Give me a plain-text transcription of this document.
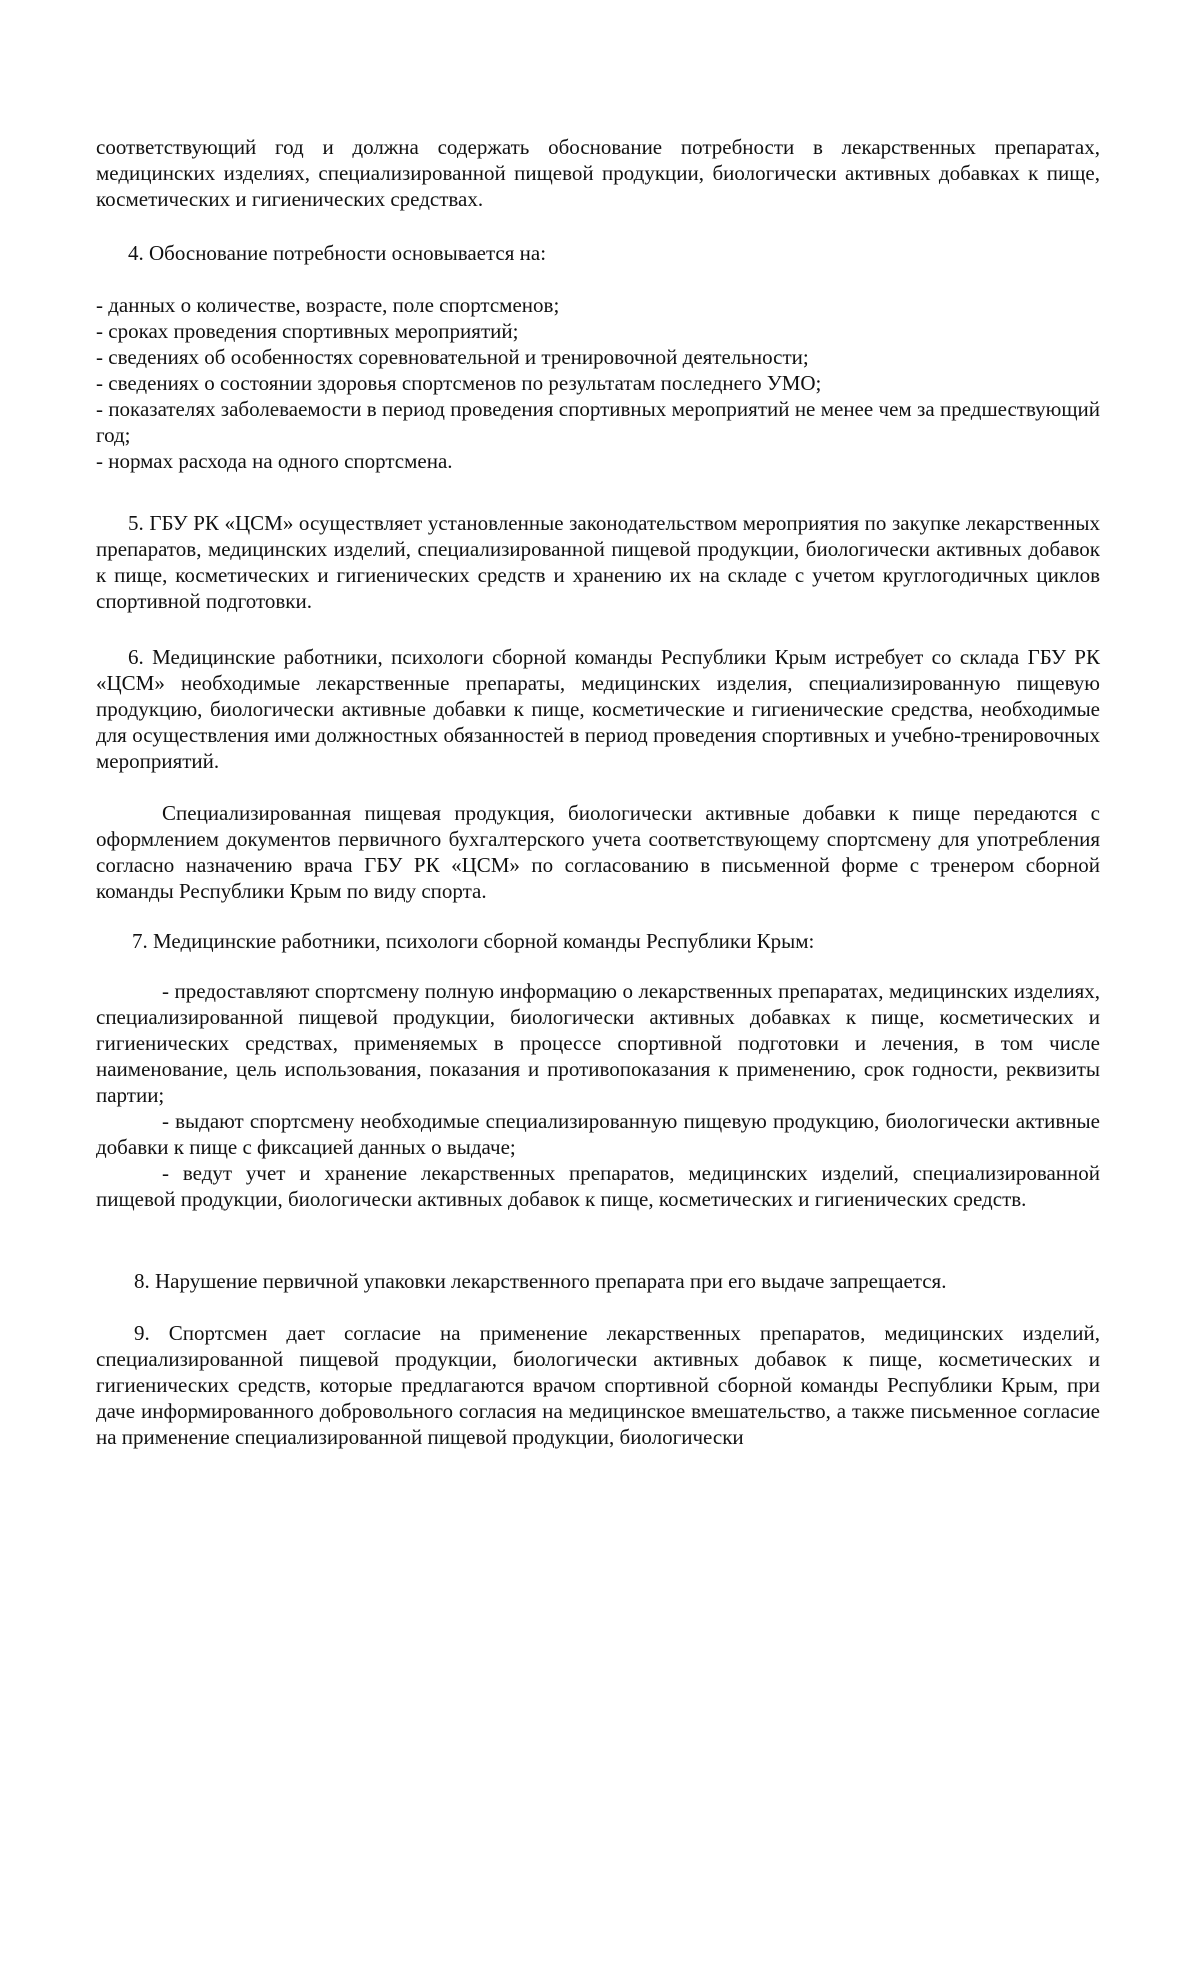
соответствующий год и должна содержать обоснование потребности в лекарственных препаратах, медицинских изделиях, специализированной пищевой продукции, биологически активных добавках к пище, косметических и гигиенических средствах.

4. Обоснование потребности основывается на:

- данных о количестве, возрасте, поле спортсменов;

- сроках проведения спортивных мероприятий;

- сведениях об особенностях соревновательной и тренировочной деятельности;

- сведениях о состоянии здоровья спортсменов по результатам последнего УМО;

- показателях заболеваемости в период проведения спортивных мероприятий не менее чем за предшествующий год;

- нормах расхода на одного спортсмена.

5. ГБУ РК «ЦСМ» осуществляет установленные законодательством мероприятия по закупке лекарственных препаратов, медицинских изделий, специализированной пищевой продукции, биологически активных добавок к пище, косметических и гигиенических средств и хранению их на складе с учетом круглогодичных циклов спортивной подготовки.

6. Медицинские работники, психологи сборной команды Республики Крым истребует со склада ГБУ РК «ЦСМ» необходимые лекарственные препараты, медицинских изделия, специализированную пищевую продукцию, биологически активные добавки к пище, косметические и гигиенические средства, необходимые для осуществления ими должностных обязанностей в период проведения спортивных и учебно-тренировочных мероприятий.

Специализированная пищевая продукция, биологически активные добавки к пище передаются с оформлением документов первичного бухгалтерского учета соответствующему спортсмену для употребления согласно назначению врача ГБУ РК «ЦСМ» по согласованию в письменной форме с тренером сборной команды Республики Крым по виду спорта.

7. Медицинские работники, психологи сборной команды Республики Крым:

- предоставляют спортсмену полную информацию о лекарственных препаратах, медицинских изделиях, специализированной пищевой продукции, биологически активных добавках к пище, косметических и гигиенических средствах, применяемых в процессе спортивной подготовки и лечения, в том числе наименование, цель использования, показания и противопоказания к применению, срок годности, реквизиты партии;

- выдают спортсмену необходимые специализированную пищевую продукцию, биологически активные добавки к пище с фиксацией данных о выдаче;

- ведут учет и хранение лекарственных препаратов, медицинских изделий, специализированной пищевой продукции, биологически активных добавок к пище, косметических и гигиенических средств.

8. Нарушение первичной упаковки лекарственного препарата при его выдаче запрещается.

9. Спортсмен дает согласие на применение лекарственных препаратов, медицинских изделий, специализированной пищевой продукции, биологически активных добавок к пище, косметических и гигиенических средств, которые предлагаются врачом спортивной сборной команды Республики Крым, при даче информированного добровольного согласия на медицинское вмешательство, а также письменное согласие на применение специализированной пищевой продукции, биологически
